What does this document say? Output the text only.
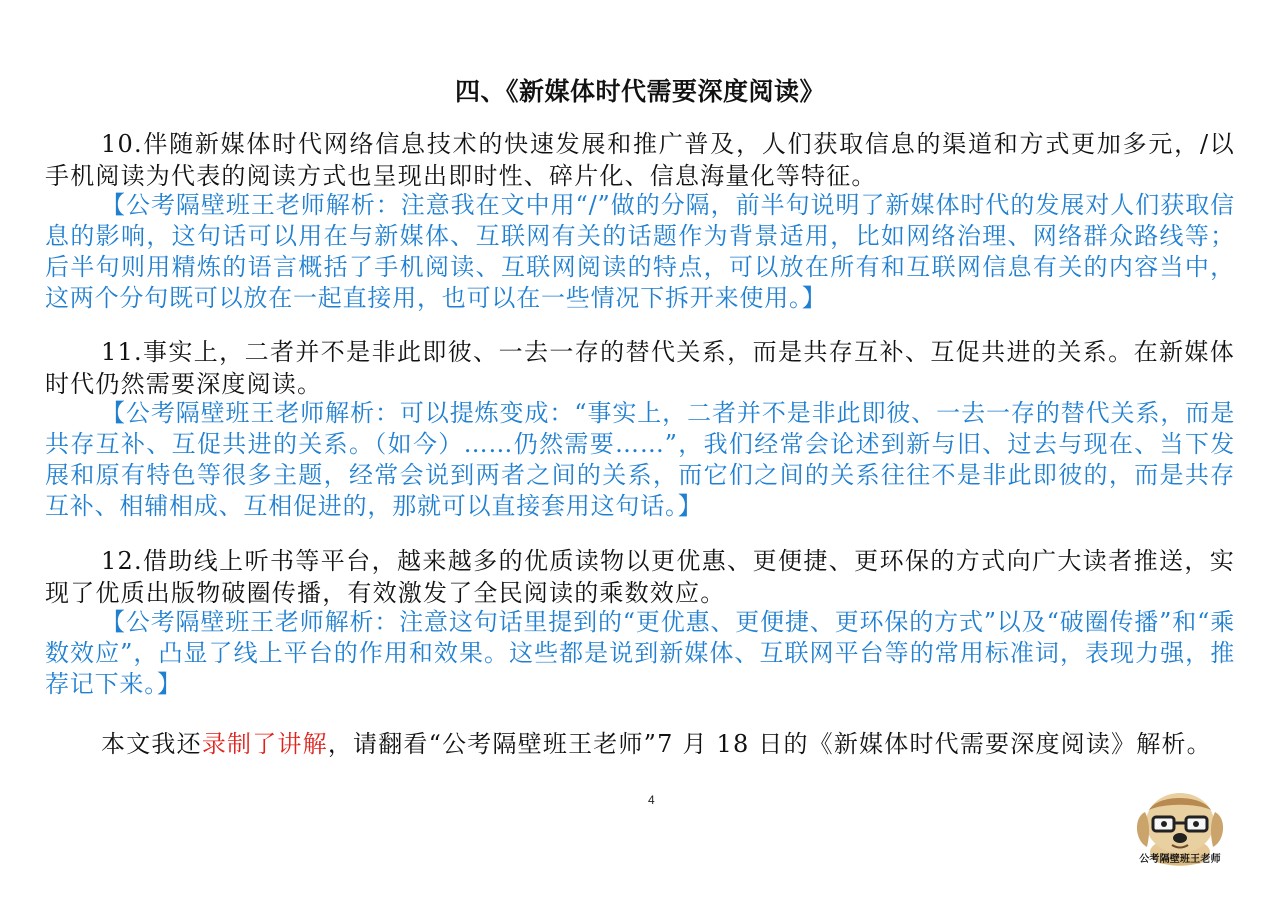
四、《新媒体时代需要深度阅读》

10.伴随新媒体时代网络信息技术的快速发展和推广普及，人们获取信息的渠道和方式更加多元，/以手机阅读为代表的阅读方式也呈现出即时性、碎片化、信息海量化等特征。

【公考隔壁班王老师解析：注意我在文中用“/”做的分隔，前半句说明了新媒体时代的发展对人们获取信息的影响，这句话可以用在与新媒体、互联网有关的话题作为背景适用，比如网络治理、网络群众路线等；后半句则用精炼的语言概括了手机阅读、互联网阅读的特点，可以放在所有和互联网信息有关的内容当中，这两个分句既可以放在一起直接用，也可以在一些情况下拆开来使用。】

11.事实上，二者并不是非此即彼、一去一存的替代关系，而是共存互补、互促共进的关系。在新媒体时代仍然需要深度阅读。

【公考隔壁班王老师解析：可以提炼变成：“事实上，二者并不是非此即彼、一去一存的替代关系，而是共存互补、互促共进的关系。（如今）……仍然需要……”，我们经常会论述到新与旧、过去与现在、当下发展和原有特色等很多主题，经常会说到两者之间的关系，而它们之间的关系往往不是非此即彼的，而是共存互补、相辅相成、互相促进的，那就可以直接套用这句话。】

12.借助线上听书等平台，越来越多的优质读物以更优惠、更便捷、更环保的方式向广大读者推送，实现了优质出版物破圈传播，有效激发了全民阅读的乘数效应。

【公考隔壁班王老师解析：注意这句话里提到的“更优惠、更便捷、更环保的方式”以及“破圈传播”和“乘数效应”，凸显了线上平台的作用和效果。这些都是说到新媒体、互联网平台等的常用标准词，表现力强，推荐记下来。】

本文我还录制了讲解，请翻看“公考隔壁班王老师”7 月 18 日的《新媒体时代需要深度阅读》解析。

4
公考隔壁班王老师
